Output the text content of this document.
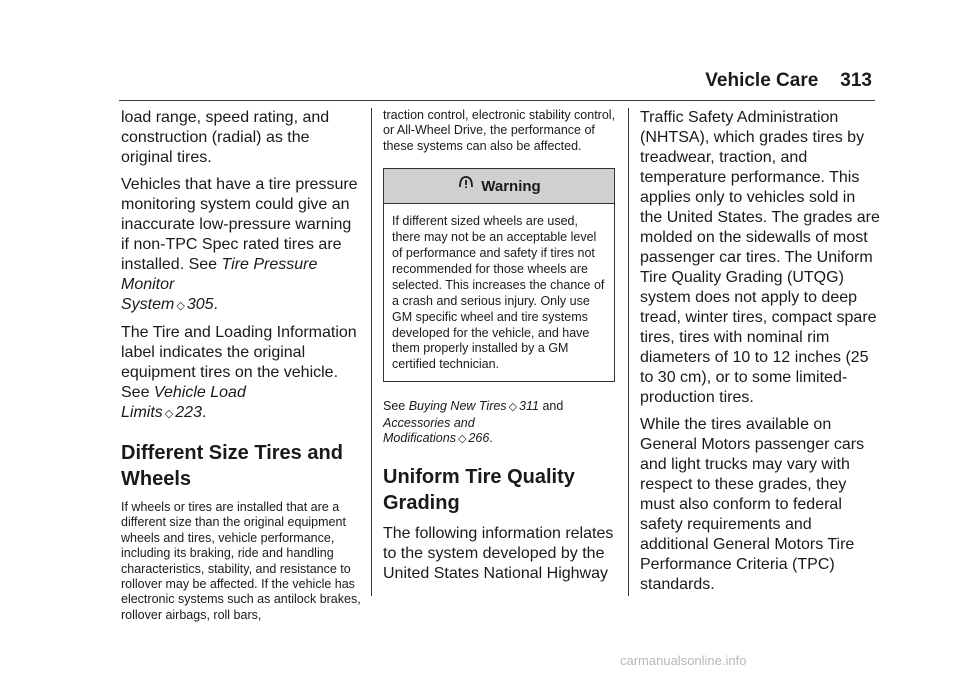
Vehicle Care 313

load range, speed rating, and construction (radial) as the original tires.

Vehicles that have a tire pressure monitoring system could give an inaccurate low-pressure warning if non-TPC Spec rated tires are installed. See Tire Pressure Monitor
System ◇ 305.

The Tire and Loading Information label indicates the original equipment tires on the vehicle. See Vehicle Load
Limits ◇ 223.

Different Size Tires and Wheels

If wheels or tires are installed that are a different size than the original equipment wheels and tires, vehicle performance, including its braking, ride and handling characteristics, stability, and resistance to rollover may be affected. If the vehicle has electronic systems such as antilock brakes, rollover airbags, roll bars,

traction control, electronic stability control, or All-Wheel Drive, the performance of these systems can also be affected.

Warning
If different sized wheels are used, there may not be an acceptable level of performance and safety if tires not recommended for those wheels are selected. This increases the chance of a crash and serious injury. Only use GM specific wheel and tire systems developed for the vehicle, and have them properly installed by a GM certified technician.

See Buying New Tires ◇ 311 and
Accessories and
Modifications ◇ 266.

Uniform Tire Quality Grading

The following information relates to the system developed by the United States National Highway

Traffic Safety Administration (NHTSA), which grades tires by treadwear, traction, and temperature performance. This applies only to vehicles sold in the United States. The grades are molded on the sidewalls of most passenger car tires. The Uniform Tire Quality Grading (UTQG) system does not apply to deep tread, winter tires, compact spare tires, tires with nominal rim diameters of 10 to 12 inches (25 to 30 cm), or to some limited-production tires.

While the tires available on General Motors passenger cars and light trucks may vary with respect to these grades, they must also conform to federal safety requirements and additional General Motors Tire Performance Criteria (TPC) standards.

carmanualsonline.info
